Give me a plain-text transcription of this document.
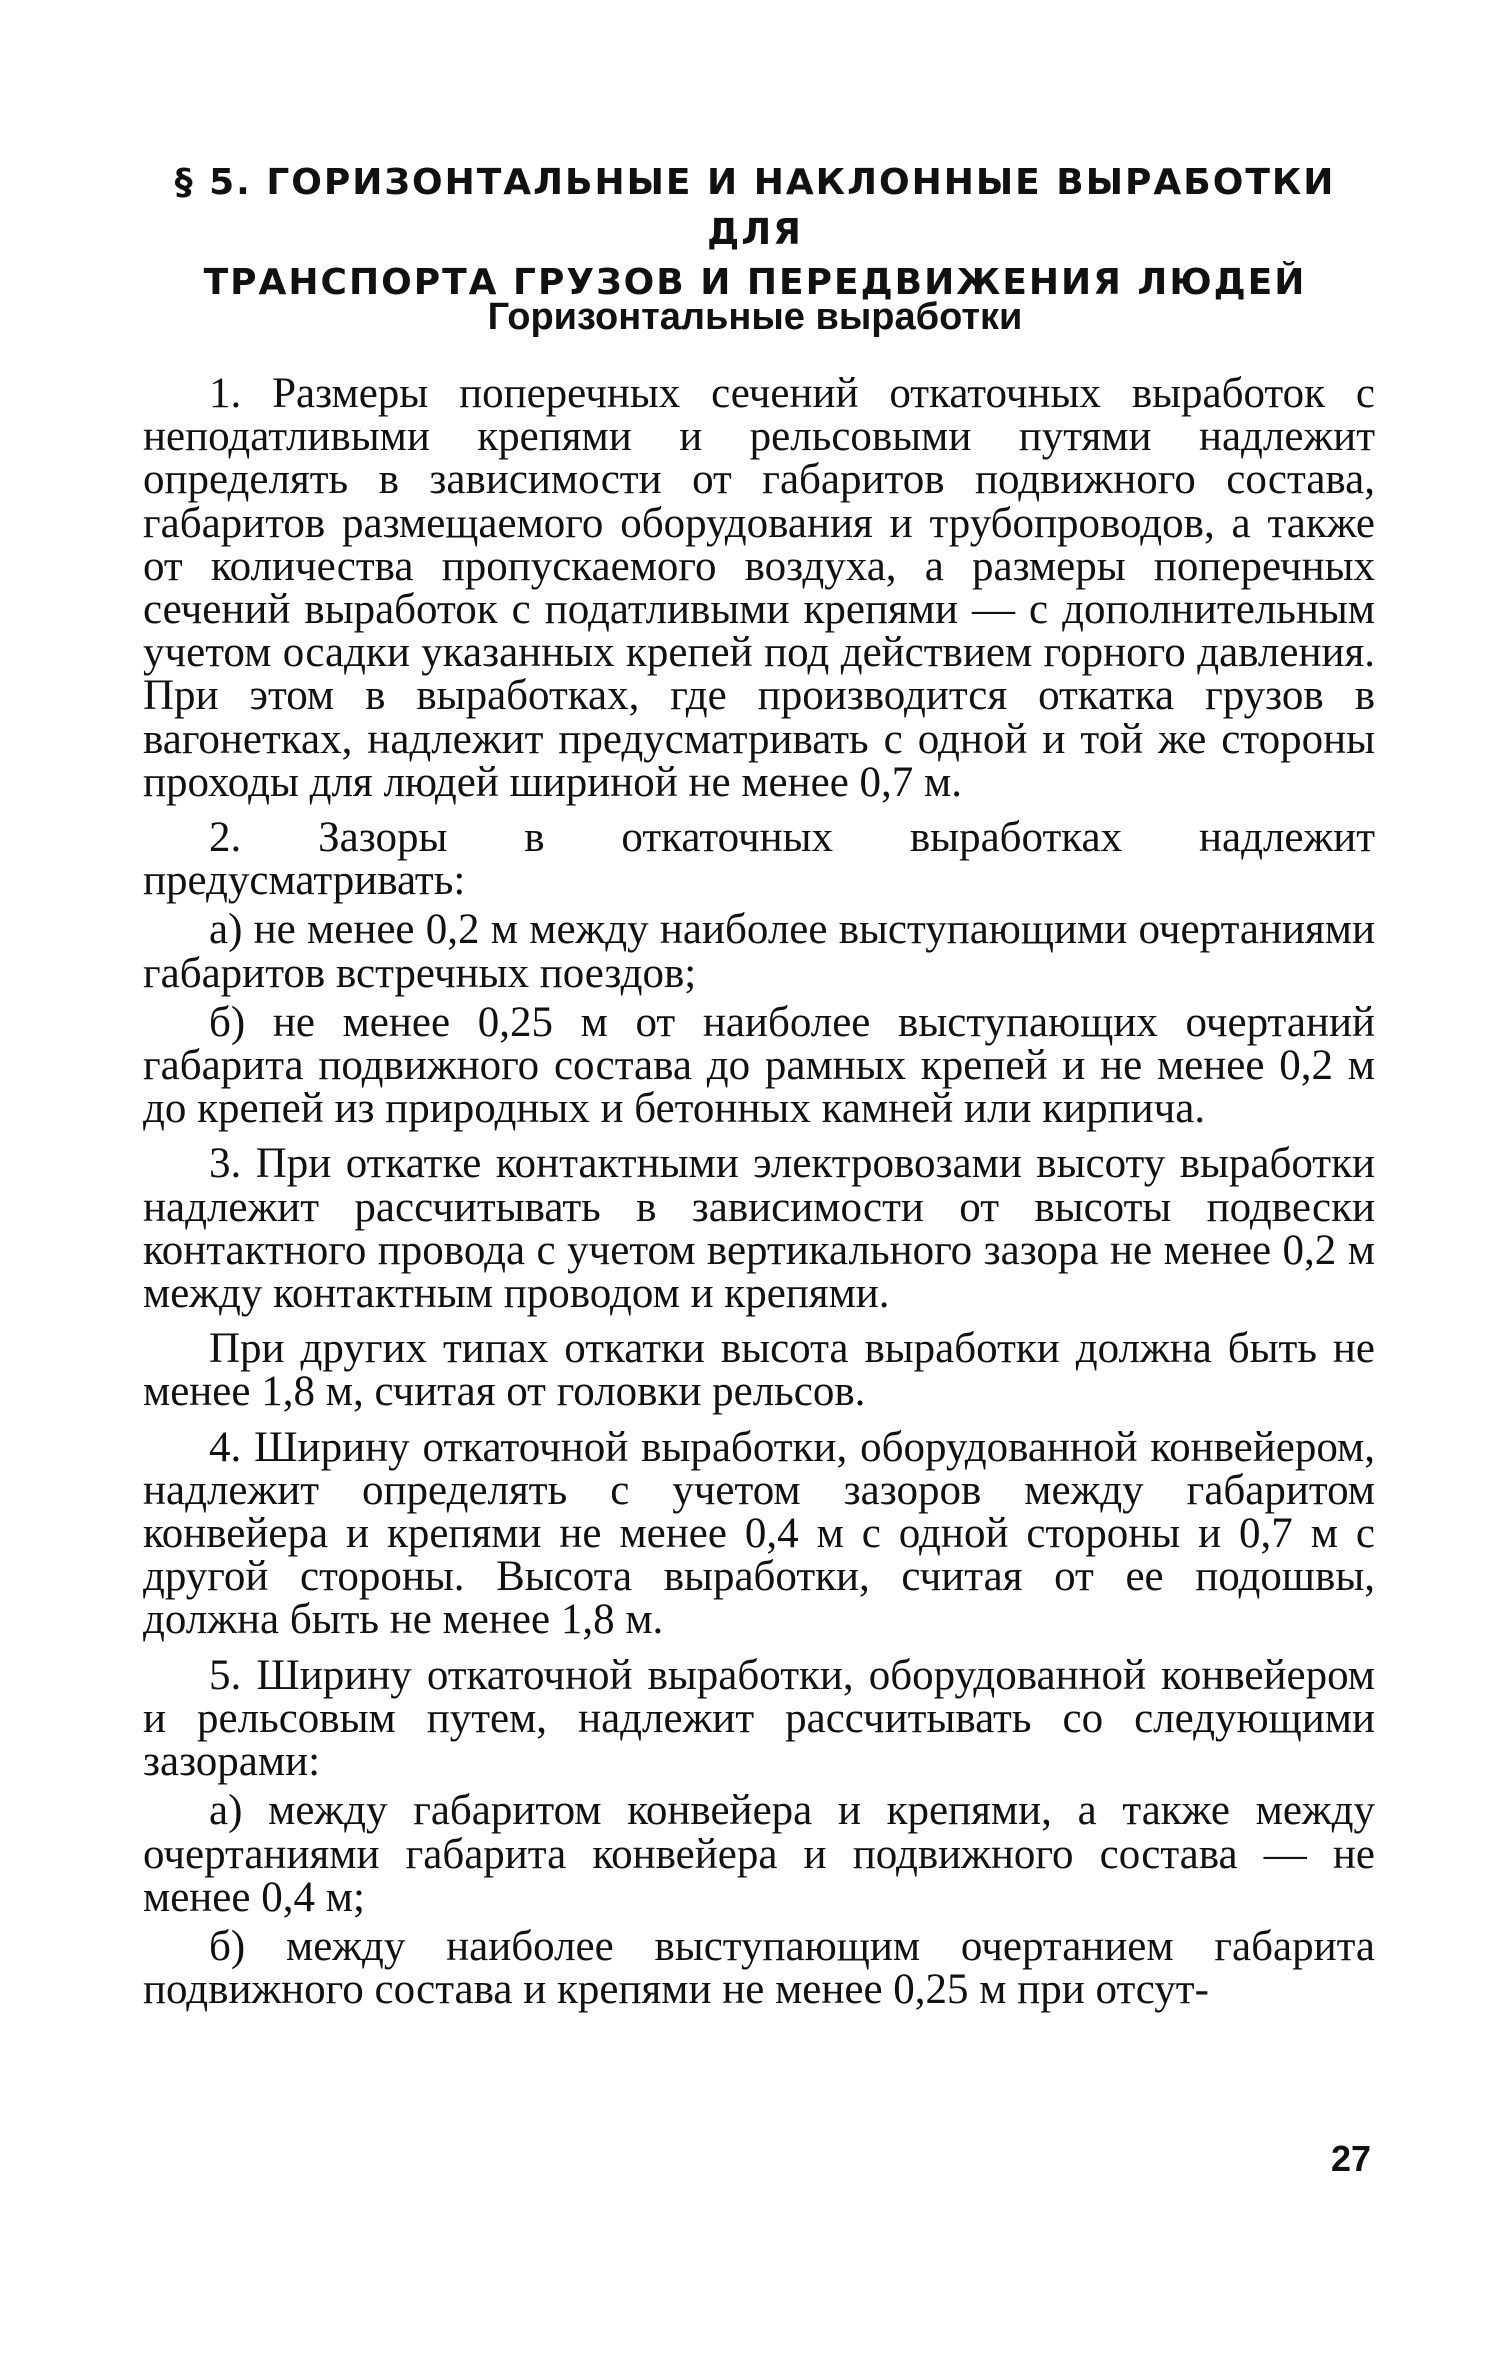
§ 5. ГОРИЗОНТАЛЬНЫЕ И НАКЛОННЫЕ ВЫРАБОТКИ ДЛЯ
ТРАНСПОРТА ГРУЗОВ И ПЕРЕДВИЖЕНИЯ ЛЮДЕЙ
Горизонтальные выработки

1. Размеры поперечных сечений откаточных выработок с неподатливыми крепями и рельсовыми путями надлежит определять в зависимости от габаритов подвижного состава, габаритов размещаемого оборудования и трубопроводов, а также от количества пропускаемого воздуха, а размеры поперечных сечений выработок с податливыми крепями — с дополнительным учетом осадки указанных крепей под действием горного давления. При этом в выработках, где производится откатка грузов в вагонетках, надлежит предусматривать с одной и той же стороны проходы для людей шириной не менее 0,7 м.

2. Зазоры в откаточных выработках надлежит предусматривать:

а) не менее 0,2 м между наиболее выступающими очертаниями габаритов встречных поездов;

б) не менее 0,25 м от наиболее выступающих очертаний габарита подвижного состава до рамных крепей и не менее 0,2 м до крепей из природных и бетонных камней или кирпича.

3. При откатке контактными электровозами высоту выработки надлежит рассчитывать в зависимости от высоты подвески контактного провода с учетом вертикального зазора не менее 0,2 м между контактным проводом и крепями.

При других типах откатки высота выработки должна быть не менее 1,8 м, считая от головки рельсов.

4. Ширину откаточной выработки, оборудованной конвейером, надлежит определять с учетом зазоров между габаритом конвейера и крепями не менее 0,4 м с одной стороны и 0,7 м с другой стороны. Высота выработки, считая от ее подошвы, должна быть не менее 1,8 м.

5. Ширину откаточной выработки, оборудованной конвейером и рельсовым путем, надлежит рассчитывать со следующими зазорами:

а) между габаритом конвейера и крепями, а также между очертаниями габарита конвейера и подвижного состава — не менее 0,4 м;

б) между наиболее выступающим очертанием габарита подвижного состава и крепями не менее 0,25 м при отсут-

27
